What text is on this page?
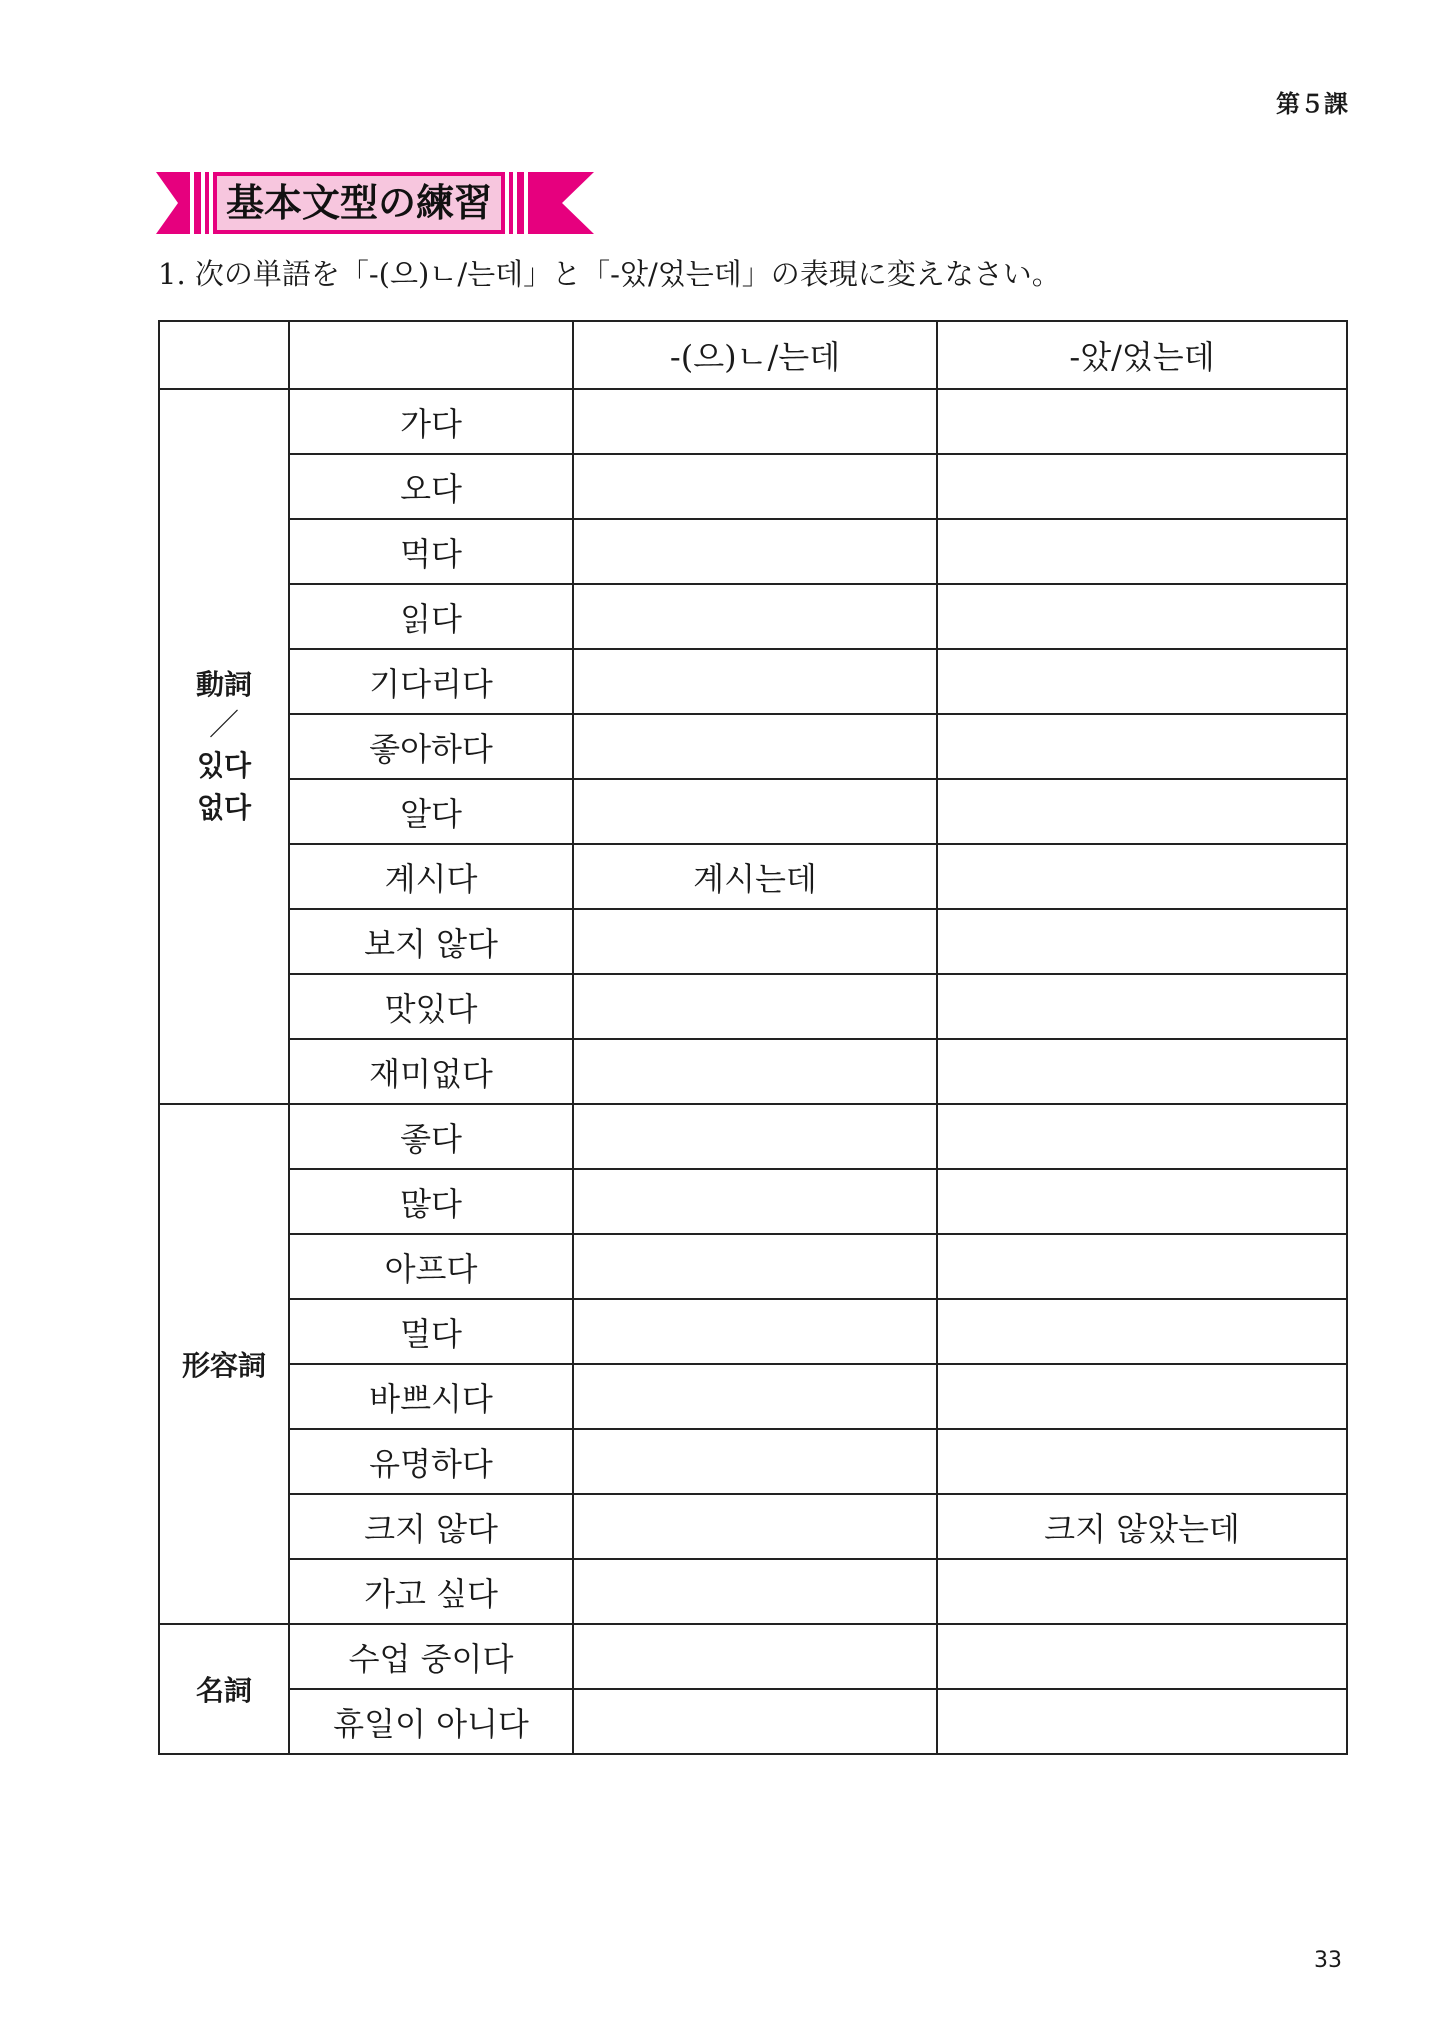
第５課
基本文型の練習
1. 次の単語を「-(으)ㄴ/는데」と「-았/었는데」の表現に変えなさい。
		-(으)ㄴ/는데	-았/었는데

動詞
／
있다
없다	가다		
	오다		
	먹다		
	읽다		
	기다리다		
	좋아하다		
	알다		
	계시다	계시는데	
	보지 않다		
	맛있다		
	재미없다		
形容詞	좋다		
	많다		
	아프다		
	멀다		
	바쁘시다		
	유명하다		
	크지 않다		크지 않았는데
	가고 싶다		
名詞	수업 중이다		
	휴일이 아니다		
33
